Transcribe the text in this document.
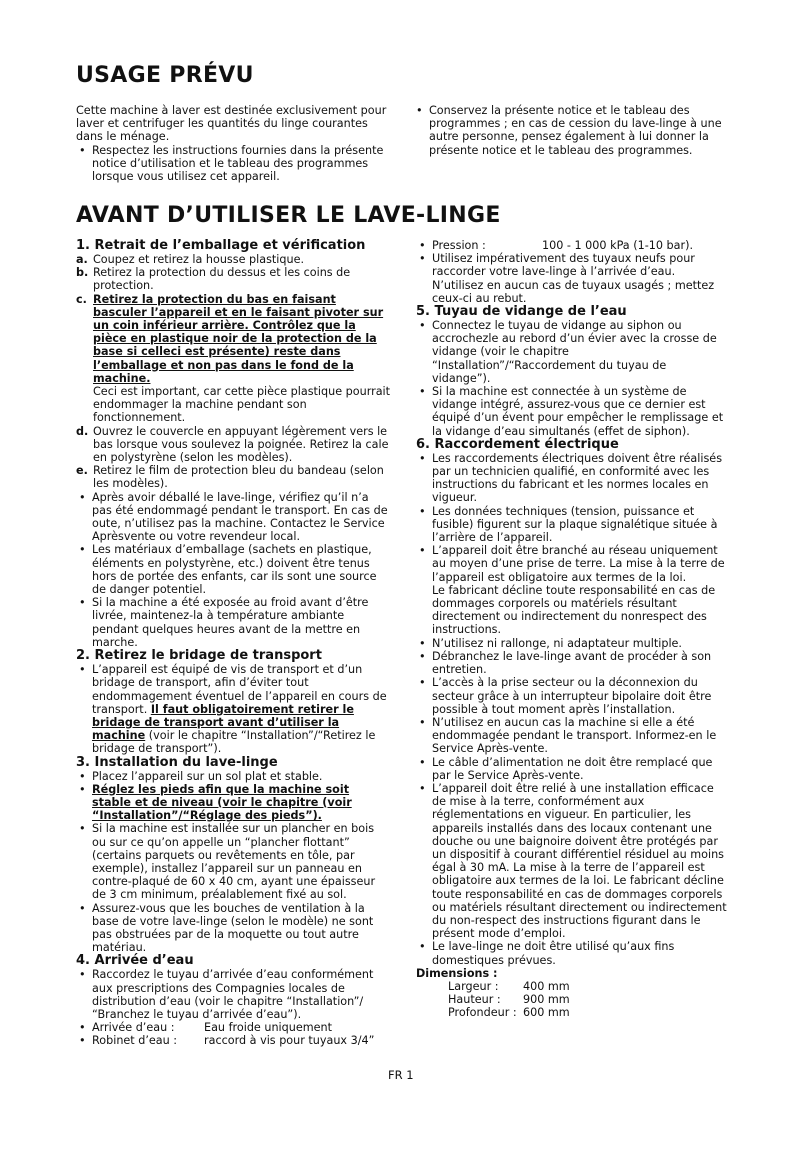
USAGE PRÉVU

Cette machine à laver est destinée exclusivement pour laver et centrifuger les quantités du linge courantes dans le ménage.

• Respectez les instructions fournies dans la présente notice d’utilisation et le tableau des programmes lorsque vous utilisez cet appareil.

• Conservez la présente notice et le tableau des programmes ; en cas de cession du lave-linge à une autre personne, pensez également à lui donner la présente notice et le tableau des programmes.

AVANT D’UTILISER LE LAVE-LINGE

1. Retrait de l’emballage et vérification

a. Coupez et retirez la housse plastique.

b. Retirez la protection du dessus et les coins de protection.

c. Retirez la protection du bas en faisant basculer l’appareil et en le faisant pivoter sur un coin inférieur arrière. Contrôlez que la pièce en plastique noir de la protection de la base si celleci est présente) reste dans l’emballage et non pas dans le fond de la machine.
Ceci est important, car cette pièce plastique pourrait endommager la machine pendant son fonctionnement.

d. Ouvrez le couvercle en appuyant légèrement vers le bas lorsque vous soulevez la poignée. Retirez la cale en polystyrène (selon les modèles).

e. Retirez le film de protection bleu du bandeau (selon les modèles).

• Après avoir déballé le lave-linge, vérifiez qu’il n’a pas été endommagé pendant le transport. En cas de oute, n’utilisez pas la machine. Contactez le Service Aprèsvente ou votre revendeur local.

• Les matériaux d’emballage (sachets en plastique, éléments en polystyrène, etc.) doivent être tenus hors de portée des enfants, car ils sont une source de danger potentiel.

• Si la machine a été exposée au froid avant d’être livrée, maintenez-la à température ambiante pendant quelques heures avant de la mettre en marche.

2. Retirez le bridage de transport

• L’appareil est équipé de vis de transport et d’un bridage de transport, afin d’éviter tout endommagement éventuel de l’appareil en cours de transport. Il faut obligatoirement retirer le bridage de transport avant d’utiliser la machine (voir le chapitre “Installation”/“Retirez le bridage de transport”).

3. Installation du lave-linge

• Placez l’appareil sur un sol plat et stable.

• Réglez les pieds afin que la machine soit stable et de niveau (voir le chapitre (voir “Installation”/“Réglage des pieds”).

• Si la machine est installée sur un plancher en bois ou sur ce qu’on appelle un “plancher flottant” (certains parquets ou revêtements en tôle, par exemple), installez l’appareil sur un panneau en contre-plaqué de 60 x 40 cm, ayant une épaisseur de 3 cm minimum, préalablement fixé au sol.

• Assurez-vous que les bouches de ventilation à la base de votre lave-linge (selon le modèle) ne sont pas obstruées par de la moquette ou tout autre matériau.

4. Arrivée d’eau

• Raccordez le tuyau d’arrivée d’eau conformément aux prescriptions des Compagnies locales de distribution d’eau (voir le chapitre “Installation”/ “Branchez le tuyau d’arrivée d’eau”).

• Arrivée d’eau :	Eau froide uniquement

• Robinet d’eau : raccord à vis pour tuyaux 3/4”

• Pression :	100 - 1 000 kPa (1-10 bar).

• Utilisez impérativement des tuyaux neufs pour raccorder votre lave-linge à l’arrivée d’eau. N’utilisez en aucun cas de tuyaux usagés ; mettez ceux-ci au rebut.

5. Tuyau de vidange de l’eau

• Connectez le tuyau de vidange au siphon ou accrochezle au rebord d’un évier avec la crosse de vidange (voir le chapitre “Installation”/“Raccordement du tuyau de vidange”).

• Si la machine est connectée à un système de vidange intégré, assurez-vous que ce dernier est équipé d’un évent pour empêcher le remplissage et la vidange d’eau simultanés (effet de siphon).

6. Raccordement électrique

• Les raccordements électriques doivent être réalisés par un technicien qualifié, en conformité avec les instructions du fabricant et les normes locales en vigueur.

• Les données techniques (tension, puissance et fusible) figurent sur la plaque signalétique située à l’arrière de l’appareil.

• L’appareil doit être branché au réseau uniquement au moyen d’une prise de terre. La mise à la terre de l’appareil est obligatoire aux termes de la loi.

Le fabricant décline toute responsabilité en cas de dommages corporels ou matériels résultant directement ou indirectement du nonrespect des instructions.

• N’utilisez ni rallonge, ni adaptateur multiple.

• Débranchez le lave-linge avant de procéder à son entretien.

• L’accès à la prise secteur ou la déconnexion du secteur grâce à un interrupteur bipolaire doit être possible à tout moment après l’installation.

• N’utilisez en aucun cas la machine si elle a été endommagée pendant le transport. Informez-en le Service Après-vente.

• Le câble d’alimentation ne doit être remplacé que par le Service Après-vente.

• L’appareil doit être relié à une installation efficace de mise à la terre, conformément aux réglementations en vigueur. En particulier, les appareils installés dans des locaux contenant une douche ou une baignoire doivent être protégés par un dispositif à courant différentiel résiduel au moins égal à 30 mA. La mise à la terre de l’appareil est obligatoire aux termes de la loi. Le fabricant décline toute responsabilité en cas de dommages corporels ou matériels résultant directement ou indirectement du non-respect des instructions figurant dans le présent mode d’emploi.

• Le lave-linge ne doit être utilisé qu’aux fins domestiques prévues.

Dimensions :

Largeur : 400 mm
Hauteur : 900 mm
Profondeur : 600 mm
FR 1
